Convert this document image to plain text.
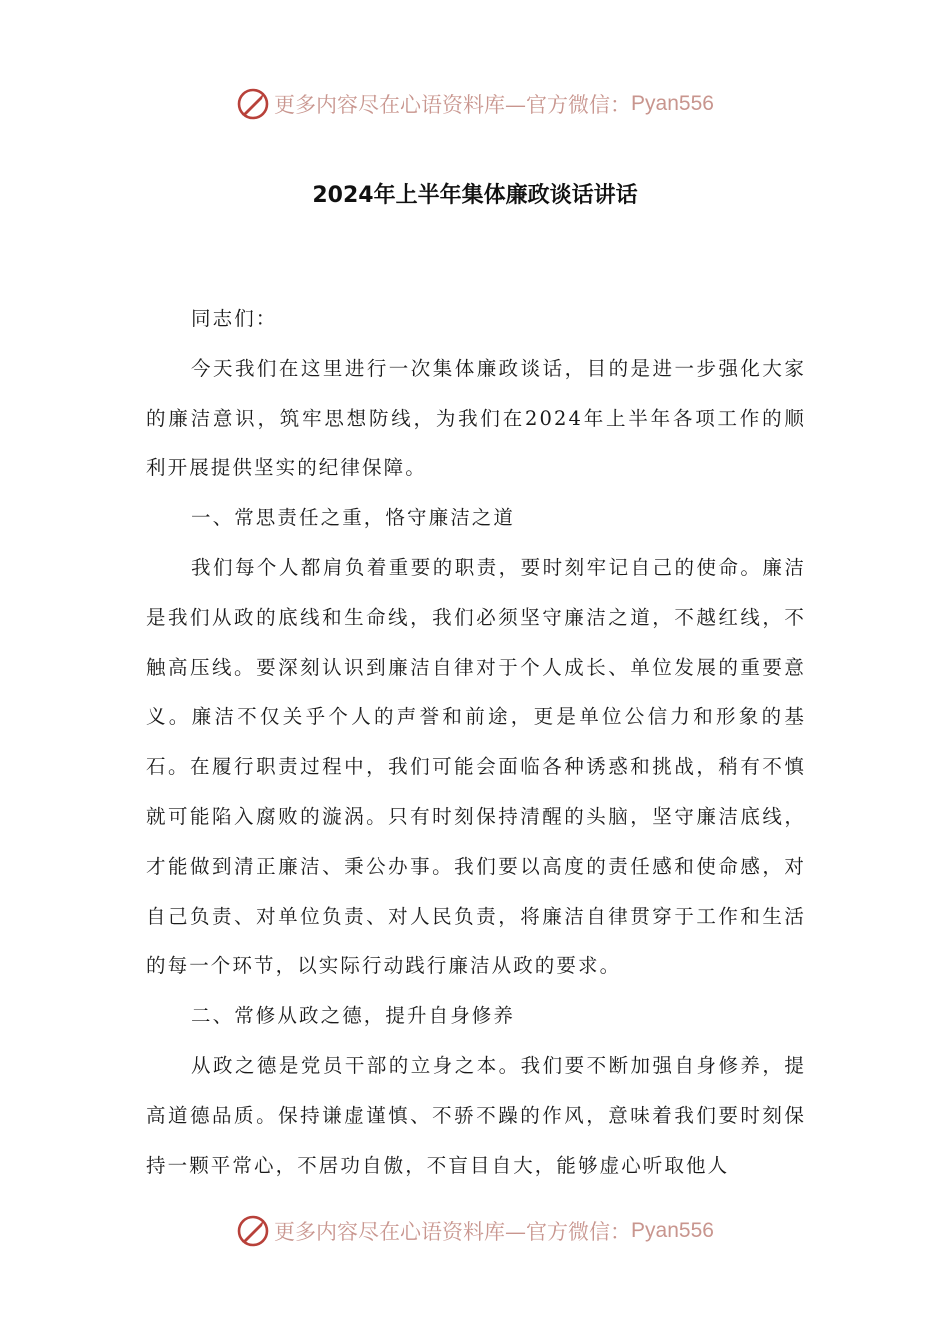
更多内容尽在心语资料库—官方微信： Pyan556
2024年上半年集体廉政谈话讲话

同志们：

今天我们在这里进行一次集体廉政谈话，目的是进一步强化大家的廉洁意识，筑牢思想防线，为我们在2024年上半年各项工作的顺利开展提供坚实的纪律保障。

一、常思责任之重，恪守廉洁之道

我们每个人都肩负着重要的职责，要时刻牢记自己的使命。廉洁是我们从政的底线和生命线，我们必须坚守廉洁之道，不越红线，不触高压线。要深刻认识到廉洁自律对于个人成长、单位发展的重要意义。廉洁不仅关乎个人的声誉和前途，更是单位公信力和形象的基石。在履行职责过程中，我们可能会面临各种诱惑和挑战，稍有不慎就可能陷入腐败的漩涡。只有时刻保持清醒的头脑，坚守廉洁底线，才能做到清正廉洁、秉公办事。我们要以高度的责任感和使命感，对自己负责、对单位负责、对人民负责，将廉洁自律贯穿于工作和生活的每一个环节，以实际行动践行廉洁从政的要求。

二、常修从政之德，提升自身修养

从政之德是党员干部的立身之本。我们要不断加强自身修养，提高道德品质。保持谦虚谨慎、不骄不躁的作风，意味着我们要时刻保持一颗平常心，不居功自傲，不盲目自大，能够虚心听取他人

更多内容尽在心语资料库—官方微信： Pyan556
